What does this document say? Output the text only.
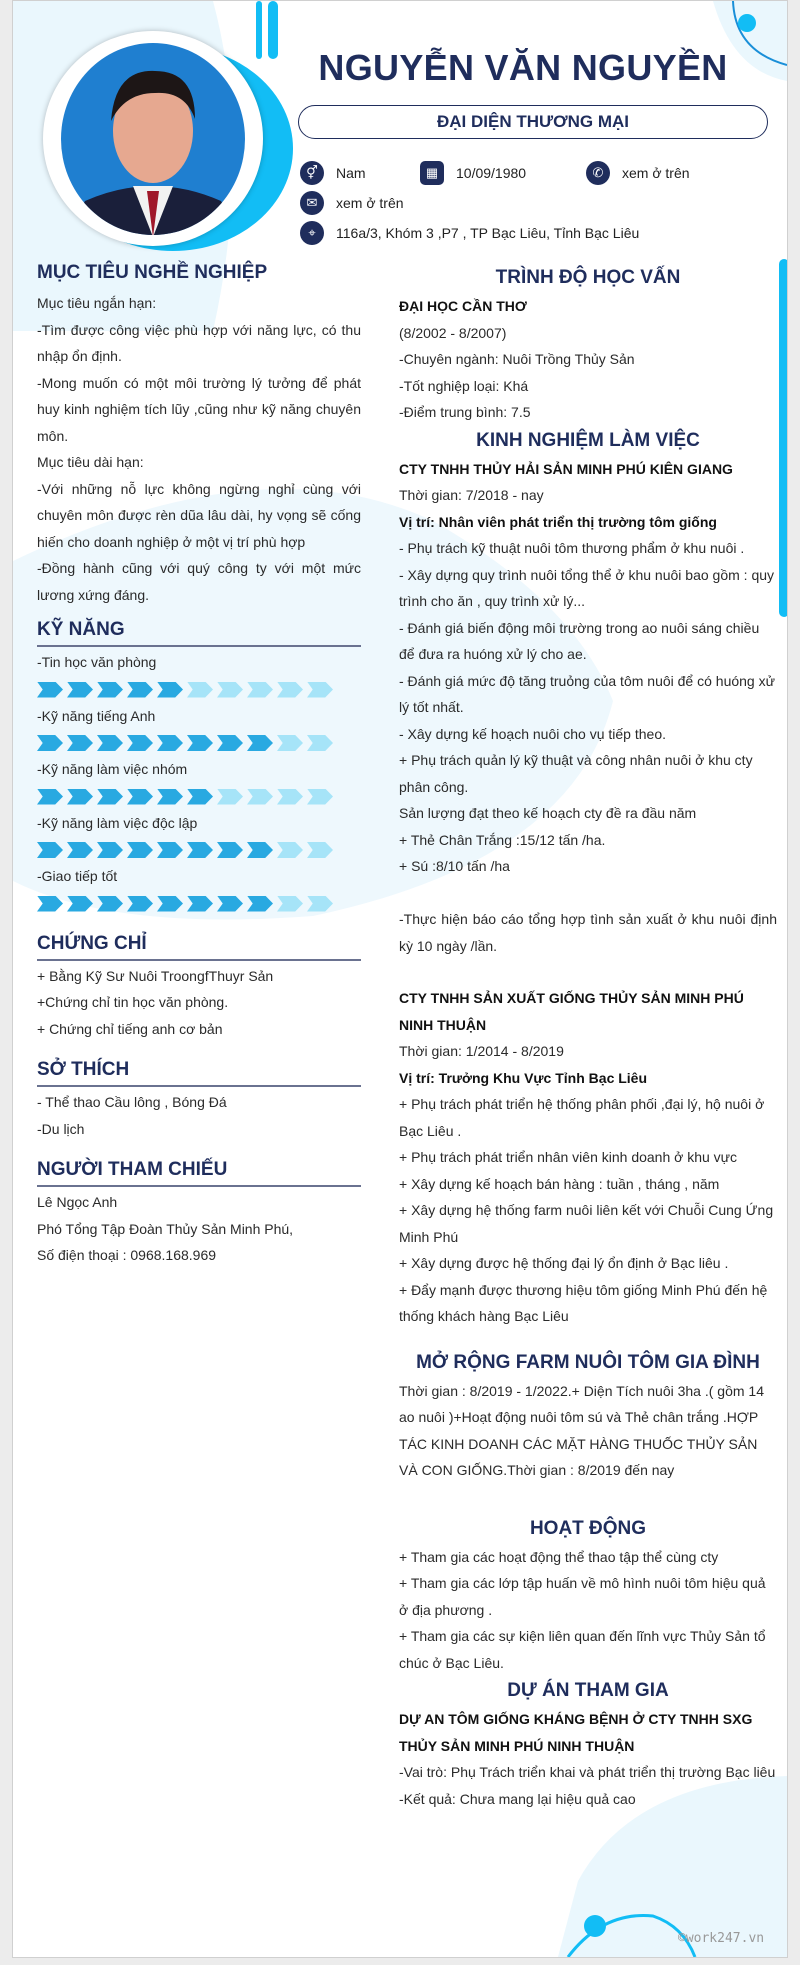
NGUYỄN VĂN NGUYỀN
ĐẠI DIỆN THƯƠNG MẠI
⚥	Nam	▦	10/09/1980	✆	xem ở trên
✉	xem ở trên
⌖	116a/3, Khóm 3 ,P7 , TP Bạc Liêu, Tỉnh Bạc Liêu
MỤC TIÊU NGHỀ NGHIỆP
Mục tiêu ngắn hạn:
-Tìm được công việc phù hợp với năng lực, có thu nhập ổn định.
-Mong muốn có một môi trường lý tưởng để phát huy kinh nghiệm tích lũy ,cũng như kỹ năng chuyên môn.
Mục tiêu dài hạn:
-Với những nỗ lực không ngừng nghỉ cùng với chuyên môn được rèn dũa lâu dài, hy vọng sẽ cống hiến cho doanh nghiệp ở một vị trí phù hợp
-Đồng hành cũng với quý công ty với một mức lương xứng đáng.
KỸ NĂNG
-Tin học văn phòng
-Kỹ năng tiếng Anh
-Kỹ năng làm việc nhóm
-Kỹ năng làm việc độc lập
-Giao tiếp tốt
CHỨNG CHỈ
+ Bằng Kỹ Sư Nuôi TroongfThuyr Sản
+Chứng chỉ tin học văn phòng.
+ Chứng chỉ tiếng anh cơ bản
SỞ THÍCH
- Thể thao Cầu lông , Bóng Đá
-Du lịch
NGƯỜI THAM CHIẾU
Lê Ngọc Anh
Phó Tổng Tập Đoàn Thủy Sản Minh Phú,
Số điện thoại : 0968.168.969
TRÌNH ĐỘ HỌC VẤN
ĐẠI HỌC CẦN THƠ
(8/2002 - 8/2007)
-Chuyên ngành: Nuôi Trồng Thủy Sản
-Tốt nghiệp loại: Khá
-Điểm trung bình: 7.5
KINH NGHIỆM LÀM VIỆC
CTY TNHH THỦY HẢI SẢN MINH PHÚ KIÊN GIANG
Thời gian: 7/2018 - nay
Vị trí: Nhân viên phát triển thị trường tôm giống
- Phụ trách kỹ thuật nuôi tôm thương phẩm ở khu nuôi .
- Xây dựng quy trình nuôi tổng thể ở khu nuôi bao gồm : quy trình cho ăn , quy trình xử lý...
- Đánh giá biến động môi trường trong ao nuôi sáng chiều để đưa ra huóng xử lý cho ae.
- Đánh giá mức độ tăng truỏng của tôm nuôi để có huóng xử lý tốt nhất.
- Xây dựng kế hoạch nuôi cho vụ tiếp theo.
+ Phụ trách quản lý kỹ thuật và công nhân nuôi ở khu cty phân công.
Sản lượng đạt theo kế hoạch cty đề ra đầu năm
+ Thẻ Chân Trắng :15/12 tấn /ha.
+ Sú :8/10 tấn /ha
-Thực hiện báo cáo tổng hợp tình sản xuất ở khu nuôi định kỳ 10 ngày /lần.
CTY TNHH SẢN XUẤT GIỐNG THỦY SẢN MINH PHÚ NINH THUẬN
Thời gian: 1/2014 - 8/2019
Vị trí: Trưởng Khu Vực Tỉnh Bạc Liêu
+ Phụ trách phát triển hệ thống phân phối ,đại lý, hộ nuôi ở Bạc Liêu .
+ Phụ trách phát triển nhân viên kinh doanh ở khu vực
+ Xây dựng kế hoạch bán hàng : tuần , tháng , năm
+ Xây dựng hệ thống farm nuôi liên kết với Chuỗi Cung Ứng Minh Phú
+ Xây dựng được hệ thống đại lý ổn định ở Bạc liêu .
+ Đẩy mạnh được thương hiệu tôm giống Minh Phú đến hệ thống khách hàng Bạc Liêu
MỞ RỘNG FARM NUÔI TÔM GIA ĐÌNH
Thời gian : 8/2019 - 1/2022.+ Diện Tích nuôi 3ha .( gồm 14 ao nuôi )+Hoạt động nuôi tôm sú và Thẻ chân trắng .HỢP TÁC KINH DOANH CÁC MẶT HÀNG THUỐC THỦY SẢN VÀ CON GIỐNG.Thời gian : 8/2019 đến nay
HOẠT ĐỘNG
+ Tham gia các hoạt động thể thao tập thể cùng cty
+ Tham gia các lớp tập huấn về mô hình nuôi tôm hiệu quả ở địa phương .
+ Tham gia các sự kiện liên quan đến lĩnh vực Thủy Sản tổ chúc ở Bạc Liêu.
DỰ ÁN THAM GIA
DỰ AN TÔM GIỐNG KHÁNG BỆNH Ở CTY TNHH SXG THỦY SẢN MINH PHÚ NINH THUẬN
-Vai trò: Phụ Trách triển khai và phát triển thị trường Bạc liêu
-Kết quả: Chưa mang lại hiệu quả cao
©work247.vn
